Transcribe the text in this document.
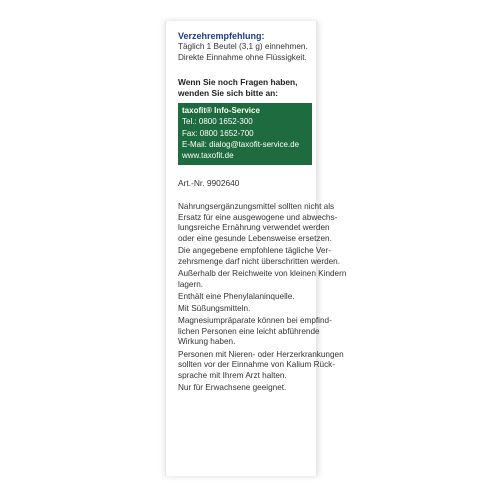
Verzehrempfehlung:
Täglich 1 Beutel (3,1 g) einnehmen.
Direkte Einnahme ohne Flüssigkeit.
Wenn Sie noch Fragen haben,
wenden Sie sich bitte an:
taxofit® Info-Service
Tel.: 0800 1652-300
Fax: 0800 1652-700
E-Mail: dialog@taxofit-service.de
www.taxofit.de
Art.-Nr. 9902640
Nahrungsergänzungsmittel sollten nicht als
Ersatz für eine ausgewogene und abwechs-
lungsreiche Ernährung verwendet werden
oder eine gesunde Lebensweise ersetzen.
Die angegebene empfohlene tägliche Ver-
zehrsmenge darf nicht überschritten werden.
Außerhalb der Reichweite von kleinen Kindern
lagern.
Enthält eine Phenylalaninquelle.
Mit Süßungsmitteln.
Magnesiumpräparate können bei empfind-
lichen Personen eine leicht abführende
Wirkung haben.
Personen mit Nieren- oder Herzerkrankungen
sollten vor der Einnahme von Kalium Rück-
sprache mit Ihrem Arzt halten.
Nur für Erwachsene geeignet.
